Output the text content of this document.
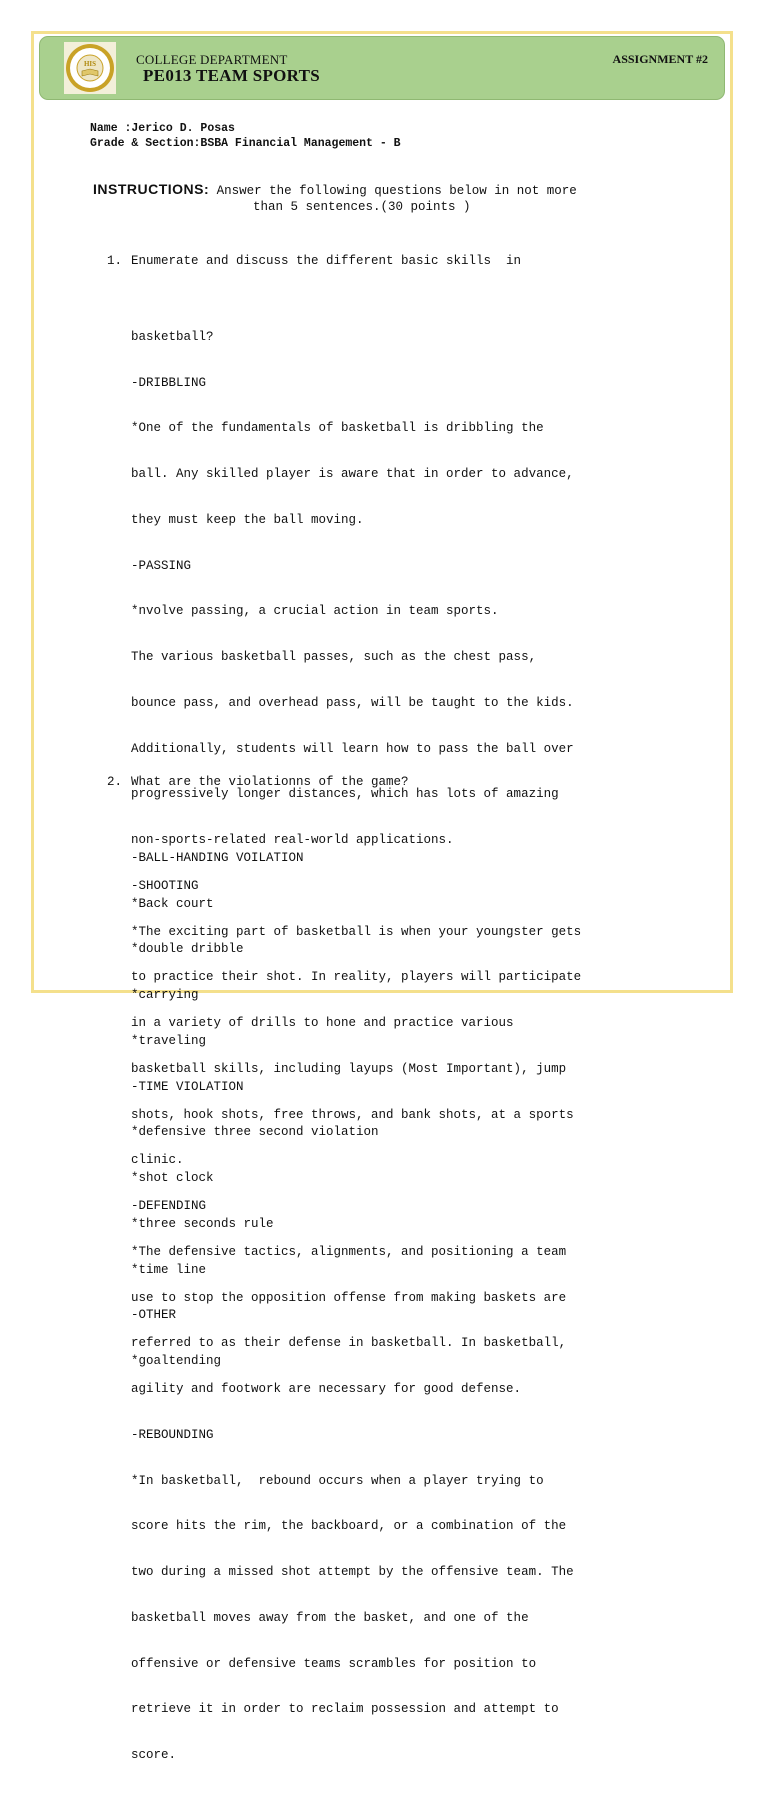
HIS	COLLEGE DEPARTMENT
PE013 TEAM SPORTS
ASSIGNMENT #2
Name :Jerico D. Posas
Grade & Section:BSBA Financial Management - B
INSTRUCTIONS: Answer the following questions below in not more
than 5 sentences.(30 points )

1. Enumerate and discuss the different basic skills  in

basketball?

-DRIBBLING

*One of the fundamentals of basketball is dribbling the

ball. Any skilled player is aware that in order to advance,

they must keep the ball moving.

-PASSING

*nvolve passing, a crucial action in team sports.

The various basketball passes, such as the chest pass,

bounce pass, and overhead pass, will be taught to the kids.

Additionally, students will learn how to pass the ball over

progressively longer distances, which has lots of amazing

non-sports-related real-world applications.

-SHOOTING

*The exciting part of basketball is when your youngster gets

to practice their shot. In reality, players will participate

in a variety of drills to hone and practice various

basketball skills, including layups (Most Important), jump

shots, hook shots, free throws, and bank shots, at a sports

clinic.

-DEFENDING

*The defensive tactics, alignments, and positioning a team

use to stop the opposition offense from making baskets are

referred to as their defense in basketball. In basketball,

agility and footwork are necessary for good defense.

-REBOUNDING

*In basketball,  rebound occurs when a player trying to

score hits the rim, the backboard, or a combination of the

two during a missed shot attempt by the offensive team. The

basketball moves away from the basket, and one of the

offensive or defensive teams scrambles for position to

retrieve it in order to reclaim possession and attempt to

score.

2. What are the violationns of the game?

-BALL-HANDING VOILATION

*Back court

*double dribble

*carrying

*traveling

-TIME VIOLATION

*defensive three second violation

*shot clock

*three seconds rule

*time line

-OTHER

*goaltending
